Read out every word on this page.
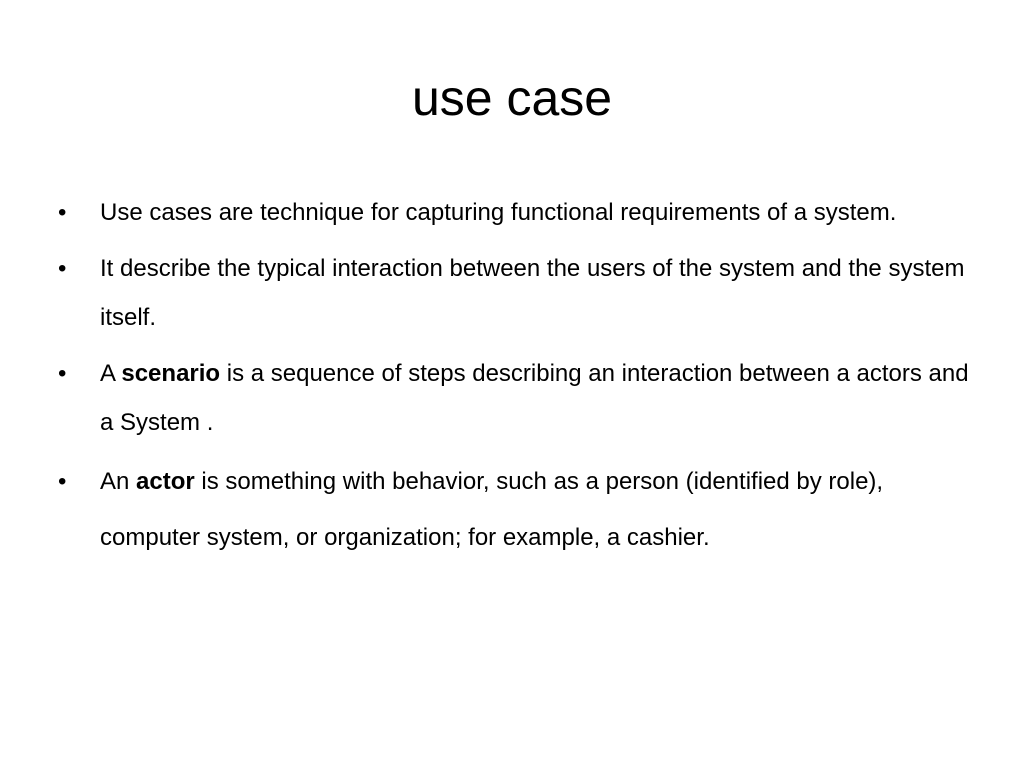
use case
• Use cases are technique for capturing functional requirements of a system.
• It describe the typical interaction between the users of the system and the system itself.
• A scenario is a sequence of steps describing an interaction between a actors and a System .
• An actor is something with behavior, such as a person (identified by role), computer system, or organization; for example, a cashier.
